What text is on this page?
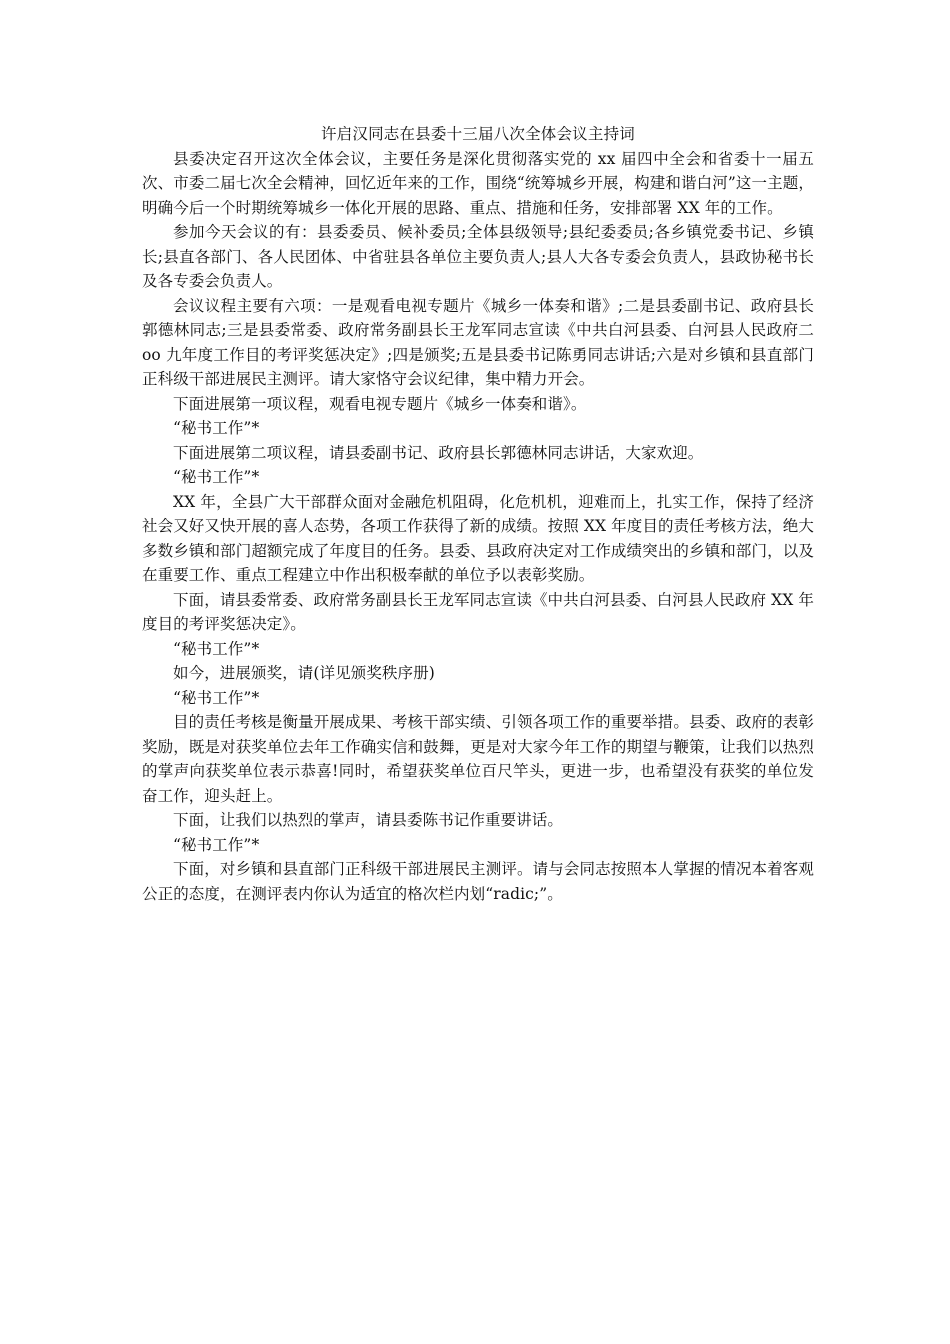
许启汉同志在县委十三届八次全体会议主持词

县委决定召开这次全体会议，主要任务是深化贯彻落实党的 xx 届四中全会和省委十一届五次、市委二届七次全会精神，回忆近年来的工作，围绕“统筹城乡开展，构建和谐白河”这一主题，明确今后一个时期统筹城乡一体化开展的思路、重点、措施和任务，安排部署 XX 年的工作。

参加今天会议的有：县委委员、候补委员;全体县级领导;县纪委委员;各乡镇党委书记、乡镇长;县直各部门、各人民团体、中省驻县各单位主要负责人;县人大各专委会负责人，县政协秘书长及各专委会负责人。

会议议程主要有六项：一是观看电视专题片《城乡一体奏和谐》;二是县委副书记、政府县长郭德林同志;三是县委常委、政府常务副县长王龙军同志宣读《中共白河县委、白河县人民政府二 oo 九年度工作目的考评奖惩决定》;四是颁奖;五是县委书记陈勇同志讲话;六是对乡镇和县直部门正科级干部进展民主测评。请大家恪守会议纪律，集中精力开会。

下面进展第一项议程，观看电视专题片《城乡一体奏和谐》。

“秘书工作”*

下面进展第二项议程，请县委副书记、政府县长郭德林同志讲话，大家欢迎。

“秘书工作”*

XX 年，全县广大干部群众面对金融危机阻碍，化危机机，迎难而上，扎实工作，保持了经济社会又好又快开展的喜人态势，各项工作获得了新的成绩。按照 XX 年度目的责任考核方法，绝大多数乡镇和部门超额完成了年度目的任务。县委、县政府决定对工作成绩突出的乡镇和部门，以及在重要工作、重点工程建立中作出积极奉献的单位予以表彰奖励。

下面，请县委常委、政府常务副县长王龙军同志宣读《中共白河县委、白河县人民政府 XX 年度目的考评奖惩决定》。

“秘书工作”*

如今，进展颁奖，请(详见颁奖秩序册)

“秘书工作”*

目的责任考核是衡量开展成果、考核干部实绩、引领各项工作的重要举措。县委、政府的表彰奖励，既是对获奖单位去年工作确实信和鼓舞，更是对大家今年工作的期望与鞭策，让我们以热烈的掌声向获奖单位表示恭喜!同时，希望获奖单位百尺竿头，更进一步，也希望没有获奖的单位发奋工作，迎头赶上。

下面，让我们以热烈的掌声，请县委陈书记作重要讲话。

“秘书工作”*

下面，对乡镇和县直部门正科级干部进展民主测评。请与会同志按照本人掌握的情况本着客观公正的态度，在测评表内你认为适宜的格次栏内划“radic;”。
